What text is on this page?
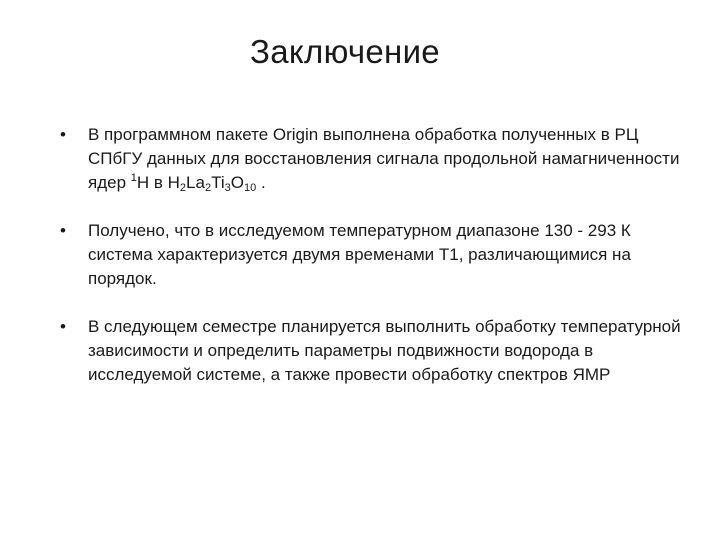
Заключение
• В программном пакете Origin выполнена обработка полученных в РЦ СПбГУ данных для восстановления сигнала продольной намагниченности ядер $^1$H в $H_2La_2Ti_3O_{10}$ .
• Получено, что в исследуемом температурном диапазоне 130 - 293 К система характеризуется двумя временами Т1, различающимися на порядок.
• В следующем семестре планируется выполнить обработку температурной зависимости и определить параметры подвижности водорода в исследуемой системе, а также провести обработку спектров ЯМР
